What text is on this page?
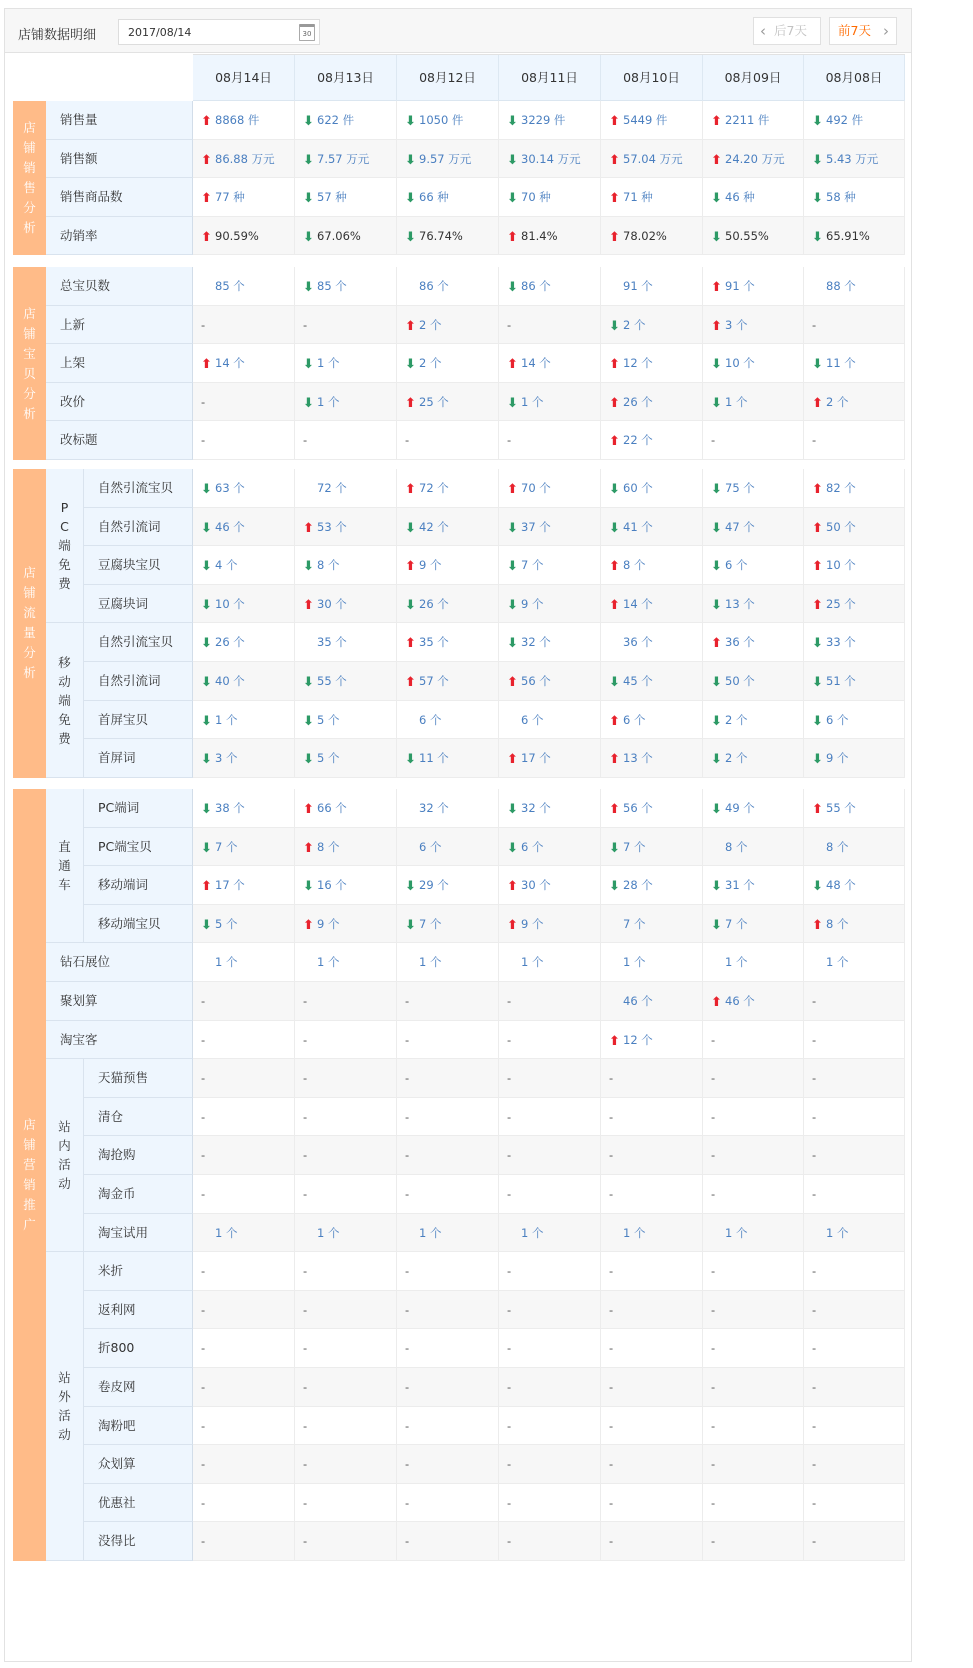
店铺数据明细	2017/08/14	30	‹ 后7天 前7天 ›
08月14日	08月13日	08月12日	08月11日	08月10日	08月09日	08月08日
店铺销售分析
销售量	⬆ 8868 件	⬇ 622 件	⬇ 1050 件	⬇ 3229 件	⬆ 5449 件	⬆ 2211 件	⬇ 492 件
销售额	⬆ 86.88 万元	⬇ 7.57 万元	⬇ 9.57 万元	⬇ 30.14 万元	⬆ 57.04 万元	⬆ 24.20 万元	⬇ 5.43 万元
销售商品数	⬆ 77 种	⬇ 57 种	⬇ 66 种	⬇ 70 种	⬆ 71 种	⬇ 46 种	⬇ 58 种
动销率	⬆ 90.59%	⬇ 67.06%	⬇ 76.74%	⬆ 81.4%	⬆ 78.02%	⬇ 50.55%	⬇ 65.91%
店铺宝贝分析
总宝贝数	85 个	⬇ 85 个	86 个	⬇ 86 个	91 个	⬆ 91 个	88 个
上新	-	-	⬆ 2 个	-	⬇ 2 个	⬆ 3 个	-
上架	⬆ 14 个	⬇ 1 个	⬇ 2 个	⬆ 14 个	⬆ 12 个	⬇ 10 个	⬇ 11 个
改价	-	⬇ 1 个	⬆ 25 个	⬇ 1 个	⬆ 26 个	⬇ 1 个	⬆ 2 个
改标题	-	-	-	-	⬆ 22 个	-	-
店铺流量分析
PC端免费
自然引流宝贝	⬇ 63 个	72 个	⬆ 72 个	⬆ 70 个	⬇ 60 个	⬇ 75 个	⬆ 82 个
自然引流词	⬇ 46 个	⬆ 53 个	⬇ 42 个	⬇ 37 个	⬇ 41 个	⬇ 47 个	⬆ 50 个
豆腐块宝贝	⬇ 4 个	⬇ 8 个	⬆ 9 个	⬇ 7 个	⬆ 8 个	⬇ 6 个	⬆ 10 个
豆腐块词	⬇ 10 个	⬆ 30 个	⬇ 26 个	⬇ 9 个	⬆ 14 个	⬇ 13 个	⬆ 25 个
移动端免费
自然引流宝贝	⬇ 26 个	35 个	⬆ 35 个	⬇ 32 个	36 个	⬆ 36 个	⬇ 33 个
自然引流词	⬇ 40 个	⬇ 55 个	⬆ 57 个	⬆ 56 个	⬇ 45 个	⬇ 50 个	⬇ 51 个
首屏宝贝	⬇ 1 个	⬇ 5 个	6 个	6 个	⬆ 6 个	⬇ 2 个	⬇ 6 个
首屏词	⬇ 3 个	⬇ 5 个	⬇ 11 个	⬆ 17 个	⬆ 13 个	⬇ 2 个	⬇ 9 个
店铺营销推广
直通车
PC端词	⬇ 38 个	⬆ 66 个	32 个	⬇ 32 个	⬆ 56 个	⬇ 49 个	⬆ 55 个
PC端宝贝	⬇ 7 个	⬆ 8 个	6 个	⬇ 6 个	⬇ 7 个	8 个	8 个
移动端词	⬆ 17 个	⬇ 16 个	⬇ 29 个	⬆ 30 个	⬇ 28 个	⬇ 31 个	⬇ 48 个
移动端宝贝	⬇ 5 个	⬆ 9 个	⬇ 7 个	⬆ 9 个	7 个	⬇ 7 个	⬆ 8 个
钻石展位	1 个	1 个	1 个	1 个	1 个	1 个	1 个
聚划算	-	-	-	-	46 个	⬆ 46 个	-
淘宝客	-	-	-	-	⬆ 12 个	-	-
站内活动
天猫预售	-	-	-	-	-	-	-
清仓	-	-	-	-	-	-	-
淘抢购	-	-	-	-	-	-	-
淘金币	-	-	-	-	-	-	-
淘宝试用	1 个	1 个	1 个	1 个	1 个	1 个	1 个
站外活动
米折	-	-	-	-	-	-	-
返利网	-	-	-	-	-	-	-
折800	-	-	-	-	-	-	-
卷皮网	-	-	-	-	-	-	-
淘粉吧	-	-	-	-	-	-	-
众划算	-	-	-	-	-	-	-
优惠社	-	-	-	-	-	-	-
没得比	-	-	-	-	-	-	-
